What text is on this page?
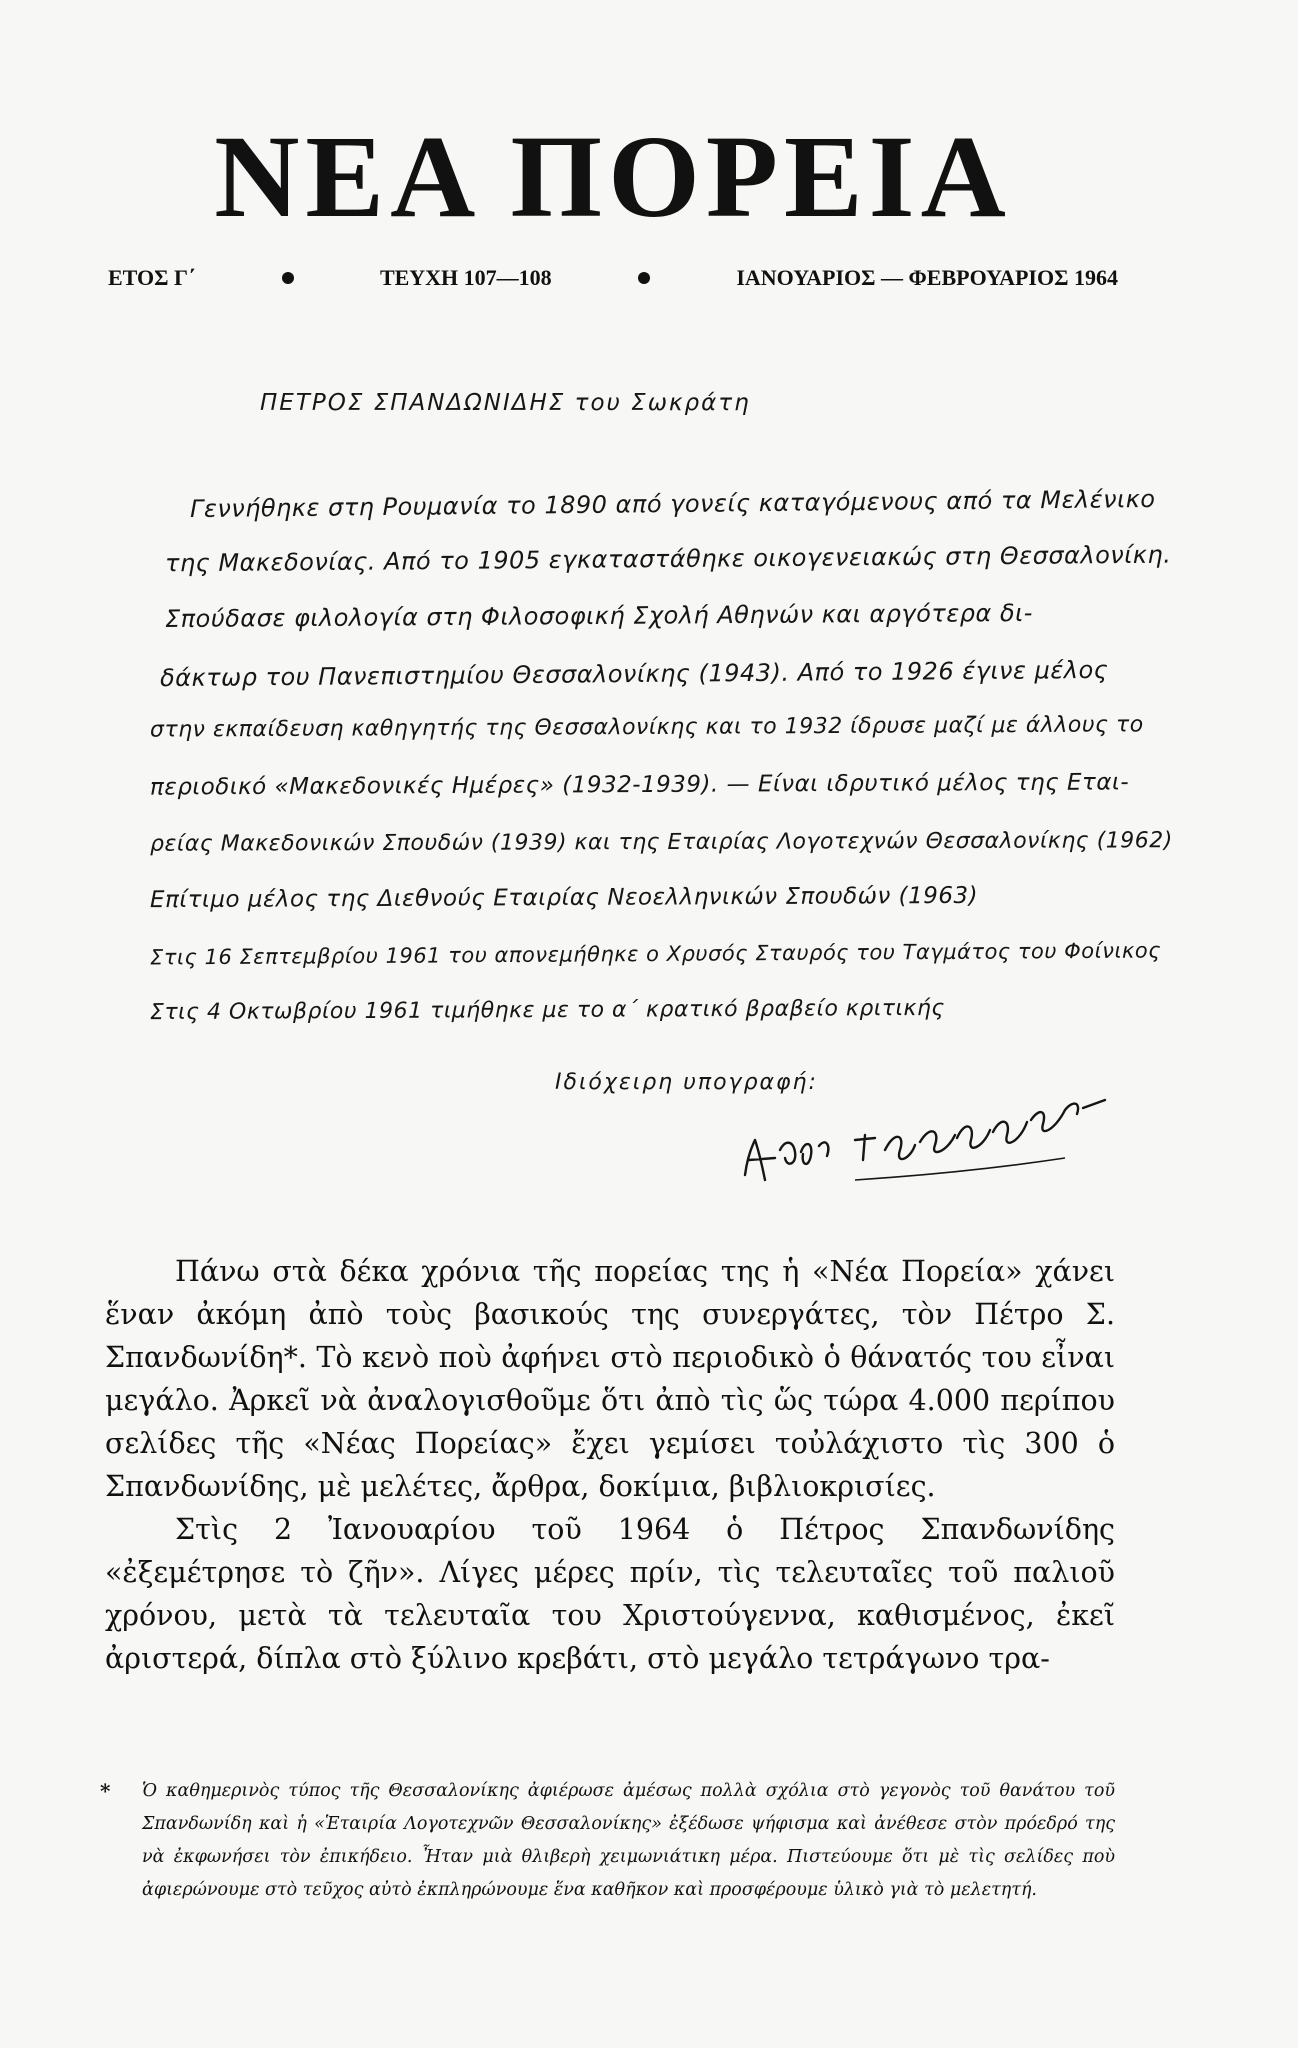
ΝΕΑ ΠΟΡΕΙΑ
ΕΤΟΣ Γ΄	ΤΕΥΧΗ 107—108	ΙΑΝΟΥΑΡΙΟΣ — ΦΕΒΡΟΥΑΡΙΟΣ 1964
ΠΕΤΡΟΣ ΣΠΑΝΔΩΝΙΔΗΣ του Σωκράτη
Γεννήθηκε στη Ρουμανία το 1890 από γονείς καταγόμενους από τα Μελένικο
της Μακεδονίας. Από το 1905 εγκαταστάθηκε οικογενειακώς στη Θεσσαλονίκη.
Σπούδασε φιλολογία στη Φιλοσοφική Σχολή Αθηνών και αργότερα δι-
δάκτωρ του Πανεπιστημίου Θεσσαλονίκης (1943). Από το 1926 έγινε μέλος
στην εκπαίδευση καθηγητής της Θεσσαλονίκης και το 1932 ίδρυσε μαζί με άλλους το
περιοδικό «Μακεδονικές Ημέρες» (1932-1939). — Είναι ιδρυτικό μέλος της Εται-
ρείας Μακεδονικών Σπουδών (1939) και της Εταιρίας Λογοτεχνών Θεσσαλονίκης (1962)
Επίτιμο μέλος της Διεθνούς Εταιρίας Νεοελληνικών Σπουδών (1963)
Στις 16 Σεπτεμβρίου 1961 του απονεμήθηκε ο Χρυσός Σταυρός του Ταγμάτος του Φοίνικος
Στις 4 Οκτωβρίου 1961 τιμήθηκε με το α΄ κρατικό βραβείο κριτικής
Ιδιόχειρη υπογραφή:

Πάνω στὰ δέκα χρόνια τῆς πορείας της ἡ «Νέα Πορεία» χάνει ἕναν ἀκόμη ἀπὸ τοὺς βασικούς της συνεργάτες, τὸν Πέτρο Σ. Σπανδωνίδη*. Τὸ κενὸ ποὺ ἀφήνει στὸ περιοδικὸ ὁ θάνατός του εἶναι μεγάλο. Ἀρκεῖ νὰ ἀναλογισθοῦμε ὅτι ἀπὸ τὶς ὥς τώρα 4.000 περίπου σελίδες τῆς «Νέας Πορείας» ἔχει γεμίσει τοὐλάχιστο τὶς 300 ὁ Σπανδωνίδης, μὲ μελέτες, ἄρθρα, δοκίμια, βιβλιοκρισίες.

Στὶς 2 Ἰανουαρίου τοῦ 1964 ὁ Πέτρος Σπανδωνίδης «ἐξεμέτρησε τὸ ζῆν». Λίγες μέρες πρίν, τὶς τελευταῖες τοῦ παλιοῦ χρόνου, μετὰ τὰ τελευταῖα του Χριστούγεννα, καθισμένος, ἐκεῖ ἀριστερά, δίπλα στὸ ξύλινο κρεβάτι, στὸ μεγάλο τετράγωνο τρα-

*	Ὁ καθημερινὸς τύπος τῆς Θεσσαλονίκης ἀφιέρωσε ἀμέσως πολλὰ σχόλια στὸ γεγονὸς τοῦ θανάτου τοῦ Σπανδωνίδη καὶ ἡ «Ἑταιρία Λογοτεχνῶν Θεσσαλονίκης» ἐξέδωσε ψήφισμα καὶ ἀνέθεσε στὸν πρόεδρό της νὰ ἐκφωνήσει τὸν ἐπικήδειο. Ἦταν μιὰ θλιβερὴ χειμωνιάτικη μέρα. Πιστεύουμε ὅτι μὲ τὶς σελίδες ποὺ ἀφιερώνουμε στὸ τεῦχος αὐτὸ ἐκπληρώνουμε ἕνα καθῆκον καὶ προσφέρουμε ὑλικὸ γιὰ τὸ μελετητή.
